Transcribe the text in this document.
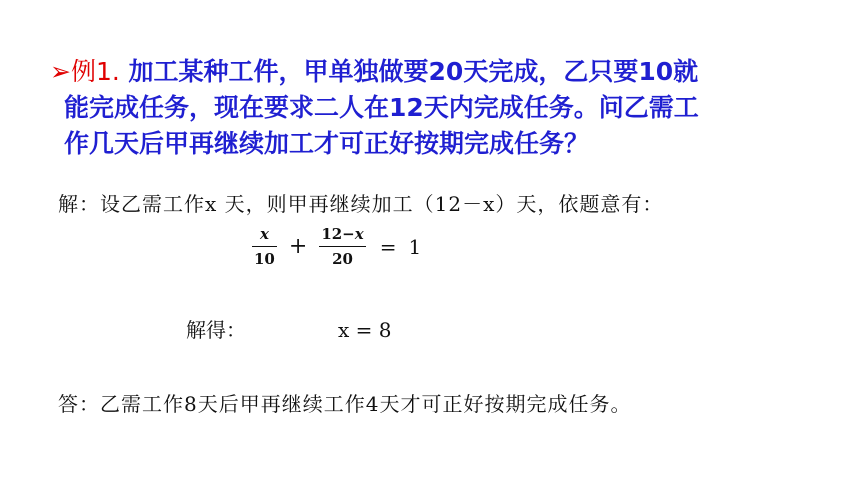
➢例1. 加工某种工件，甲单独做要20天完成，乙只要10就
能完成任务，现在要求二人在12天内完成任务。问乙需工
作几天后甲再继续加工才可正好按期完成任务？
解：设乙需工作x 天，则甲再继续加工（12－x）天，依题意有：
$\frac{x}{10} + \frac{12-x}{20} = 1$
解得：	x = 8
答：乙需工作8天后甲再继续工作4天才可正好按期完成任务。
